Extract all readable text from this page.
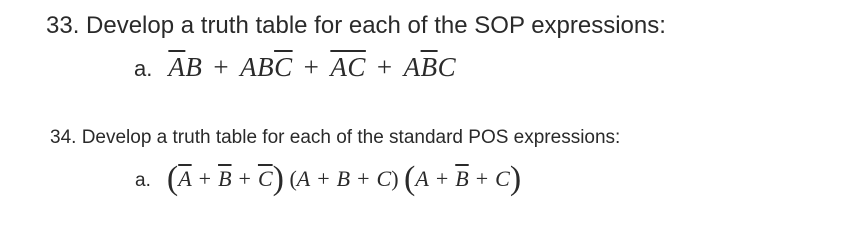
33. Develop a truth table for each of the SOP expressions:
a. $\overline{A}B + AB\overline{C} + \overline{AC} + A\overline{B}C$
34. Develop a truth table for each of the standard POS expressions:
a. $(\overline{A} + \overline{B} + \overline{C}) (A + B + C) (A + \overline{B} + C)$
